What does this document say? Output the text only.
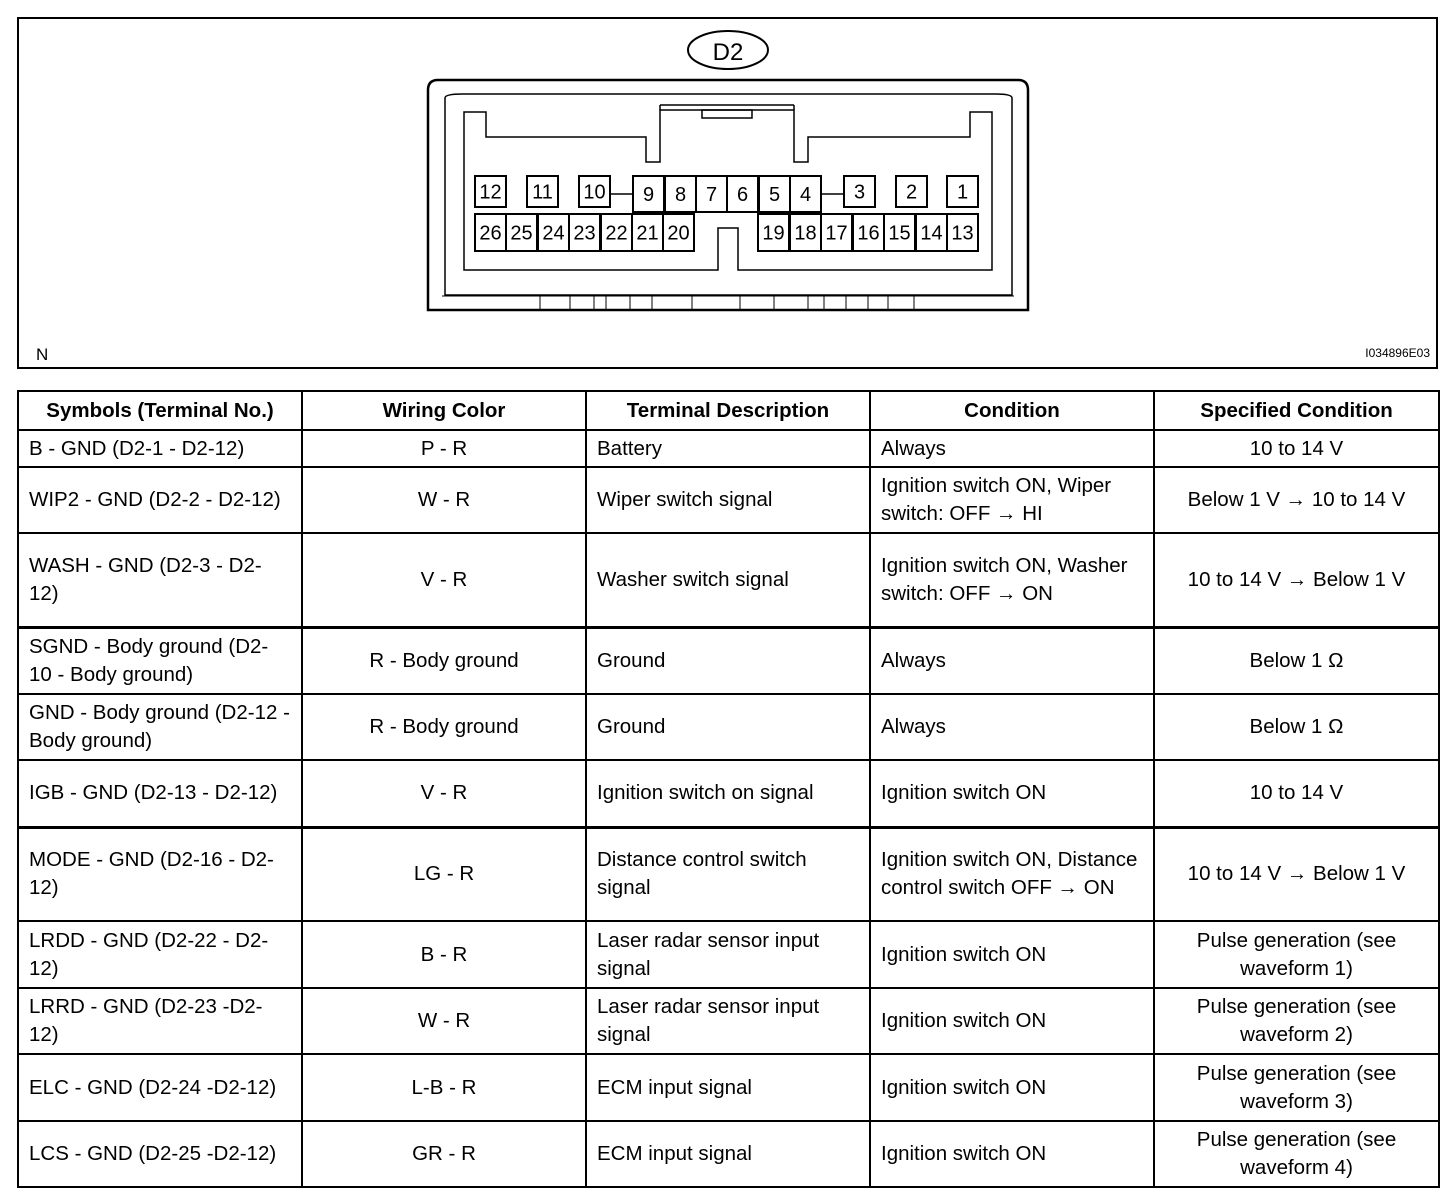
D2
12 11 10 9 8 7 6 5 4 3 2 1
26 25 24 23 22 21 20	19 18 17 16 15 14 13
N	I034896E03
Symbols (Terminal No.)	Wiring Color	Terminal Description	Condition	Specified Condition
B - GND (D2-1 - D2-12)	P - R	Battery	Always	10 to 14 V
WIP2 - GND (D2-2 - D2-12)	W - R	Wiper switch signal	Ignition switch ON, Wiper switch: OFF → HI	Below 1 V → 10 to 14 V
WASH - GND (D2-3 - D2-12)	V - R	Washer switch signal	Ignition switch ON, Washer switch: OFF → ON	10 to 14 V → Below 1 V
SGND - Body ground (D2-10 - Body ground)	R - Body ground	Ground	Always	Below 1 Ω
GND - Body ground (D2-12 - Body ground)	R - Body ground	Ground	Always	Below 1 Ω
IGB - GND (D2-13 - D2-12)	V - R	Ignition switch on signal	Ignition switch ON	10 to 14 V
MODE - GND (D2-16 - D2- 12)	LG - R	Distance control switch signal	Ignition switch ON, Distance control switch OFF → ON	10 to 14 V → Below 1 V
LRDD - GND (D2-22 - D2-12)	B - R	Laser radar sensor input signal	Ignition switch ON	Pulse generation (see waveform 1)
LRRD - GND (D2-23 -D2-12)	W - R	Laser radar sensor input signal	Ignition switch ON	Pulse generation (see waveform 2)
ELC - GND (D2-24 -D2-12)	L-B - R	ECM input signal	Ignition switch ON	Pulse generation (see waveform 3)
LCS - GND (D2-25 -D2-12)	GR - R	ECM input signal	Ignition switch ON	Pulse generation (see waveform 4)
